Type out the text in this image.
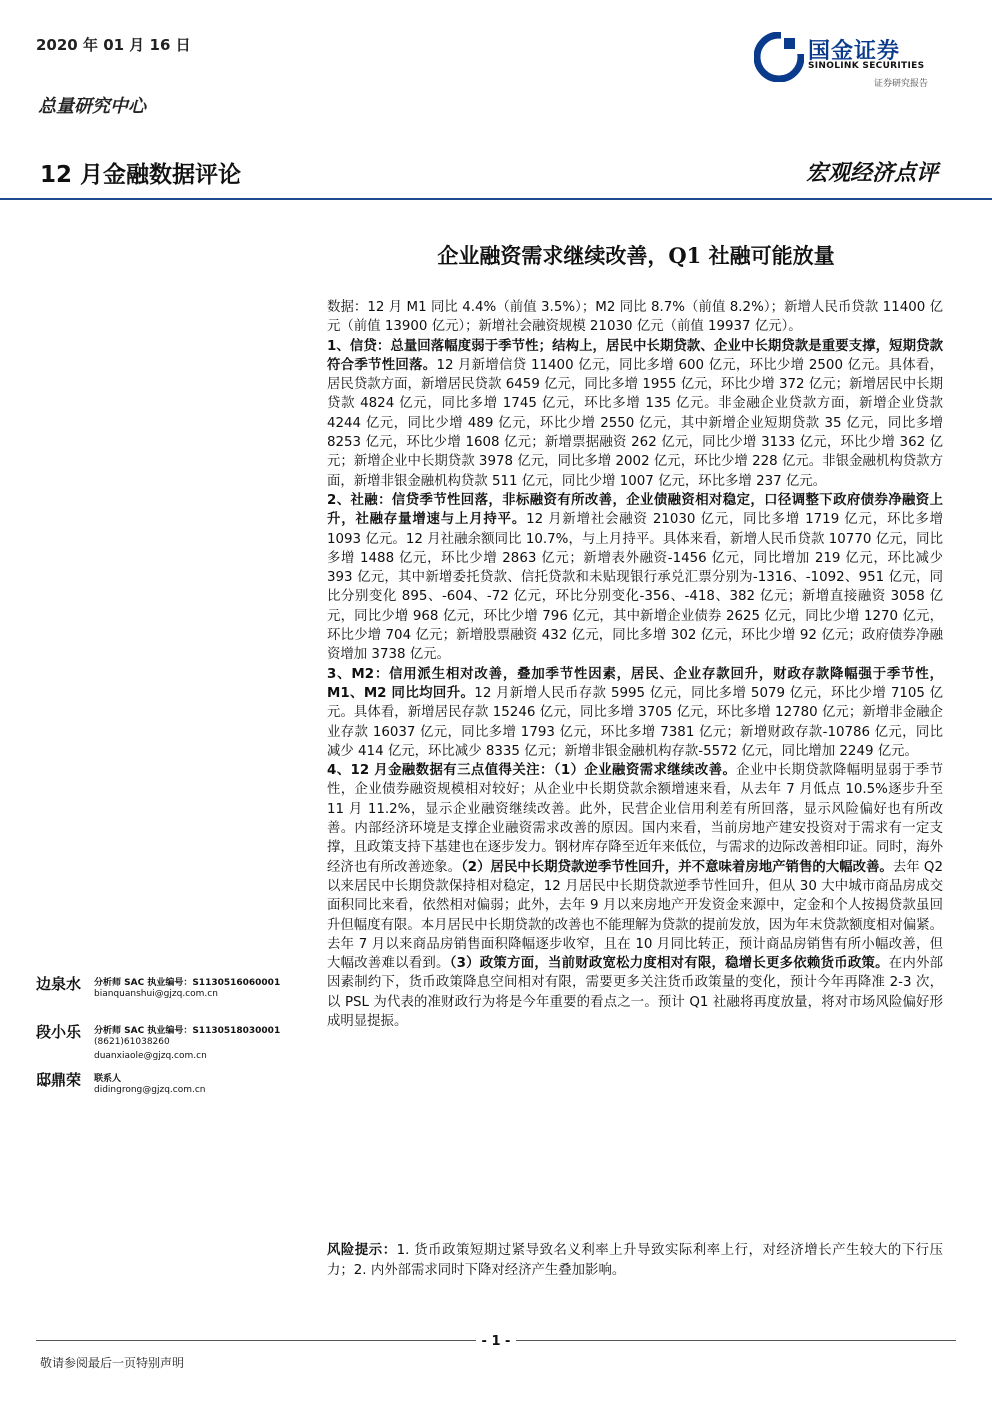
2020 年 01 月 16 日
总量研究中心
国金证券
SINOLINK SECURITIES
证券研究报告
12 月金融数据评论	宏观经济点评
企业融资需求继续改善，Q1 社融可能放量

数据：12 月 M1 同比 4.4%（前值 3.5%）；M2 同比 8.7%（前值 8.2%）；新增人民币贷款 11400 亿元（前值 13900 亿元）；新增社会融资规模 21030 亿元（前值 19937 亿元）。

1、信贷：总量回落幅度弱于季节性；结构上，居民中长期贷款、企业中长期贷款是重要支撑，短期贷款符合季节性回落。12 月新增信贷 11400 亿元，同比多增 600 亿元，环比少增 2500 亿元。具体看，居民贷款方面，新增居民贷款 6459 亿元，同比多增 1955 亿元，环比少增 372 亿元；新增居民中长期贷款 4824 亿元，同比多增 1745 亿元，环比多增 135 亿元。非金融企业贷款方面，新增企业贷款 4244 亿元，同比少增 489 亿元，环比少增 2550 亿元，其中新增企业短期贷款 35 亿元，同比多增 8253 亿元，环比少增 1608 亿元；新增票据融资 262 亿元，同比少增 3133 亿元，环比少增 362 亿元；新增企业中长期贷款 3978 亿元，同比多增 2002 亿元，环比少增 228 亿元。非银金融机构贷款方面，新增非银金融机构贷款 511 亿元，同比少增 1007 亿元，环比多增 237 亿元。

2、社融：信贷季节性回落，非标融资有所改善，企业债融资相对稳定，口径调整下政府债券净融资上升，社融存量增速与上月持平。12 月新增社会融资 21030 亿元，同比多增 1719 亿元，环比多增 1093 亿元。12 月社融余额同比 10.7%，与上月持平。具体来看，新增人民币贷款 10770 亿元，同比多增 1488 亿元，环比少增 2863 亿元；新增表外融资-1456 亿元，同比增加 219 亿元，环比减少 393 亿元，其中新增委托贷款、信托贷款和未贴现银行承兑汇票分别为-1316、-1092、951 亿元，同比分别变化 895、-604、-72 亿元，环比分别变化-356、-418、382 亿元；新增直接融资 3058 亿元，同比少增 968 亿元，环比少增 796 亿元，其中新增企业债券 2625 亿元，同比少增 1270 亿元，环比少增 704 亿元；新增股票融资 432 亿元，同比多增 302 亿元，环比少增 92 亿元；政府债券净融资增加 3738 亿元。

3、M2：信用派生相对改善，叠加季节性因素，居民、企业存款回升，财政存款降幅强于季节性，M1、M2 同比均回升。12 月新增人民币存款 5995 亿元，同比多增 5079 亿元，环比少增 7105 亿元。具体看，新增居民存款 15246 亿元，同比多增 3705 亿元，环比多增 12780 亿元；新增非金融企业存款 16037 亿元，同比多增 1793 亿元，环比多增 7381 亿元；新增财政存款-10786 亿元，同比减少 414 亿元，环比减少 8335 亿元；新增非银金融机构存款-5572 亿元，同比增加 2249 亿元。

4、12 月金融数据有三点值得关注：（1）企业融资需求继续改善。企业中长期贷款降幅明显弱于季节性，企业债券融资规模相对较好；从企业中长期贷款余额增速来看，从去年 7 月低点 10.5%逐步升至 11 月 11.2%，显示企业融资继续改善。此外，民营企业信用利差有所回落，显示风险偏好也有所改善。内部经济环境是支撑企业融资需求改善的原因。国内来看，当前房地产建安投资对于需求有一定支撑，且政策支持下基建也在逐步发力。钢材库存降至近年来低位，与需求的边际改善相印证。同时，海外经济也有所改善迹象。（2）居民中长期贷款逆季节性回升，并不意味着房地产销售的大幅改善。去年 Q2 以来居民中长期贷款保持相对稳定，12 月居民中长期贷款逆季节性回升，但从 30 大中城市商品房成交面积同比来看，依然相对偏弱；此外，去年 9 月以来房地产开发资金来源中，定金和个人按揭贷款虽回升但幅度有限。本月居民中长期贷款的改善也不能理解为贷款的提前发放，因为年末贷款额度相对偏紧。去年 7 月以来商品房销售面积降幅逐步收窄，且在 10 月同比转正，预计商品房销售有所小幅改善，但大幅改善难以看到。（3）政策方面，当前财政宽松力度相对有限，稳增长更多依赖货币政策。在内外部因素制约下，货币政策降息空间相对有限，需要更多关注货币政策量的变化，预计今年再降准 2-3 次，以 PSL 为代表的准财政行为将是今年重要的看点之一。预计 Q1 社融将再度放量，将对市场风险偏好形成明显提振。

风险提示：1. 货币政策短期过紧导致名义利率上升导致实际利率上行，对经济增长产生较大的下行压力；2. 内外部需求同时下降对经济产生叠加影响。
边泉水 分析师 SAC 执业编号：S1130516060001
bianquanshui@gjzq.com.cn
段小乐 分析师 SAC 执业编号：S1130518030001
(8621)61038260
duanxiaole@gjzq.com.cn
邸鼎荣 联系人
didingrong@gjzq.com.cn
- 1 -
敬请参阅最后一页特别声明
